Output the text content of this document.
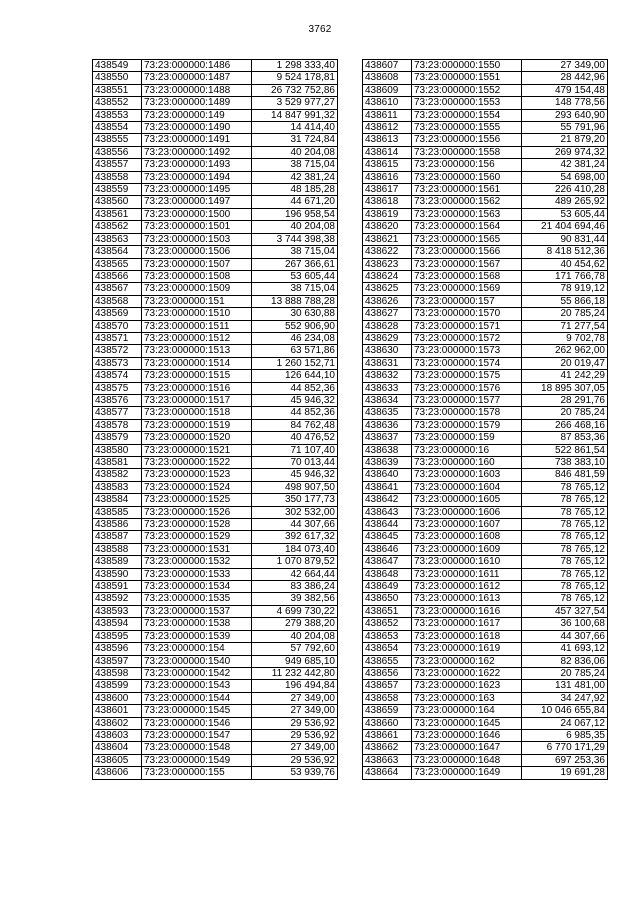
3762
438549	73:23:000000:1486	1 298 333,40
438550	73:23:000000:1487	9 524 178,81
438551	73:23:000000:1488	26 732 752,86
438552	73:23:000000:1489	3 529 977,27
438553	73:23:000000:149	14 847 991,32
438554	73:23:000000:1490	14 414,40
438555	73:23:000000:1491	31 724,84
438556	73:23:000000:1492	40 204,08
438557	73:23:000000:1493	38 715,04
438558	73:23:000000:1494	42 381,24
438559	73:23:000000:1495	48 185,28
438560	73:23:000000:1497	44 671,20
438561	73:23:000000:1500	196 958,54
438562	73:23:000000:1501	40 204,08
438563	73:23:000000:1503	3 744 398,38
438564	73:23:000000:1506	38 715,04
438565	73:23:000000:1507	267 366,61
438566	73:23:000000:1508	53 605,44
438567	73:23:000000:1509	38 715,04
438568	73:23:000000:151	13 888 788,28
438569	73:23:000000:1510	30 630,88
438570	73:23:000000:1511	552 906,90
438571	73:23:000000:1512	46 234,08
438572	73:23:000000:1513	63 571,86
438573	73:23:000000:1514	1 260 152,71
438574	73:23:000000:1515	126 644,10
438575	73:23:000000:1516	44 852,36
438576	73:23:000000:1517	45 946,32
438577	73:23:000000:1518	44 852,36
438578	73:23:000000:1519	84 762,48
438579	73:23:000000:1520	40 476,52
438580	73:23:000000:1521	71 107,40
438581	73:23:000000:1522	70 013,44
438582	73:23:000000:1523	45 946,32
438583	73:23:000000:1524	498 907,50
438584	73:23:000000:1525	350 177,73
438585	73:23:000000:1526	302 532,00
438586	73:23:000000:1528	44 307,66
438587	73:23:000000:1529	392 617,32
438588	73:23:000000:1531	184 073,40
438589	73:23:000000:1532	1 070 879,52
438590	73:23:000000:1533	42 664,44
438591	73:23:000000:1534	83 386,24
438592	73:23:000000:1535	39 382,56
438593	73:23:000000:1537	4 699 730,22
438594	73:23:000000:1538	279 388,20
438595	73:23:000000:1539	40 204,08
438596	73:23:000000:154	57 792,60
438597	73:23:000000:1540	949 685,10
438598	73:23:000000:1542	11 232 442,80
438599	73:23:000000:1543	196 494,84
438600	73:23:000000:1544	27 349,00
438601	73:23:000000:1545	27 349,00
438602	73:23:000000:1546	29 536,92
438603	73:23:000000:1547	29 536,92
438604	73:23:000000:1548	27 349,00
438605	73:23:000000:1549	29 536,92
438606	73:23:000000:155	53 939,76
438607	73:23:000000:1550	27 349,00
438608	73:23:000000:1551	28 442,96
438609	73:23:000000:1552	479 154,48
438610	73:23:000000:1553	148 778,56
438611	73:23:000000:1554	293 640,90
438612	73:23:000000:1555	55 791,96
438613	73:23:000000:1556	21 879,20
438614	73:23:000000:1558	269 974,32
438615	73:23:000000:156	42 381,24
438616	73:23:000000:1560	54 698,00
438617	73:23:000000:1561	226 410,28
438618	73:23:000000:1562	489 265,92
438619	73:23:000000:1563	53 605,44
438620	73:23:000000:1564	21 404 694,46
438621	73:23:000000:1565	90 831,44
438622	73:23:000000:1566	8 418 512,36
438623	73:23:000000:1567	40 454,62
438624	73:23:000000:1568	171 766,78
438625	73:23:000000:1569	78 919,12
438626	73:23:000000:157	55 866,18
438627	73:23:000000:1570	20 785,24
438628	73:23:000000:1571	71 277,54
438629	73:23:000000:1572	9 702,78
438630	73:23:000000:1573	262 962,00
438631	73:23:000000:1574	20 019,47
438632	73:23:000000:1575	41 242,29
438633	73:23:000000:1576	18 895 307,05
438634	73:23:000000:1577	28 291,76
438635	73:23:000000:1578	20 785,24
438636	73:23:000000:1579	266 468,16
438637	73:23:000000:159	87 853,36
438638	73:23:000000:16	522 861,54
438639	73:23:000000:160	738 383,10
438640	73:23:000000:1603	846 481,59
438641	73:23:000000:1604	78 765,12
438642	73:23:000000:1605	78 765,12
438643	73:23:000000:1606	78 765,12
438644	73:23:000000:1607	78 765,12
438645	73:23:000000:1608	78 765,12
438646	73:23:000000:1609	78 765,12
438647	73:23:000000:1610	78 765,12
438648	73:23:000000:1611	78 765,12
438649	73:23:000000:1612	78 765,12
438650	73:23:000000:1613	78 765,12
438651	73:23:000000:1616	457 327,54
438652	73:23:000000:1617	36 100,68
438653	73:23:000000:1618	44 307,66
438654	73:23:000000:1619	41 693,12
438655	73:23:000000:162	82 836,06
438656	73:23:000000:1622	20 785,24
438657	73:23:000000:1623	131 481,00
438658	73:23:000000:163	34 247,92
438659	73:23:000000:164	10 046 655,84
438660	73:23:000000:1645	24 067,12
438661	73:23:000000:1646	6 985,35
438662	73:23:000000:1647	6 770 171,29
438663	73:23:000000:1648	697 253,36
438664	73:23:000000:1649	19 691,28
